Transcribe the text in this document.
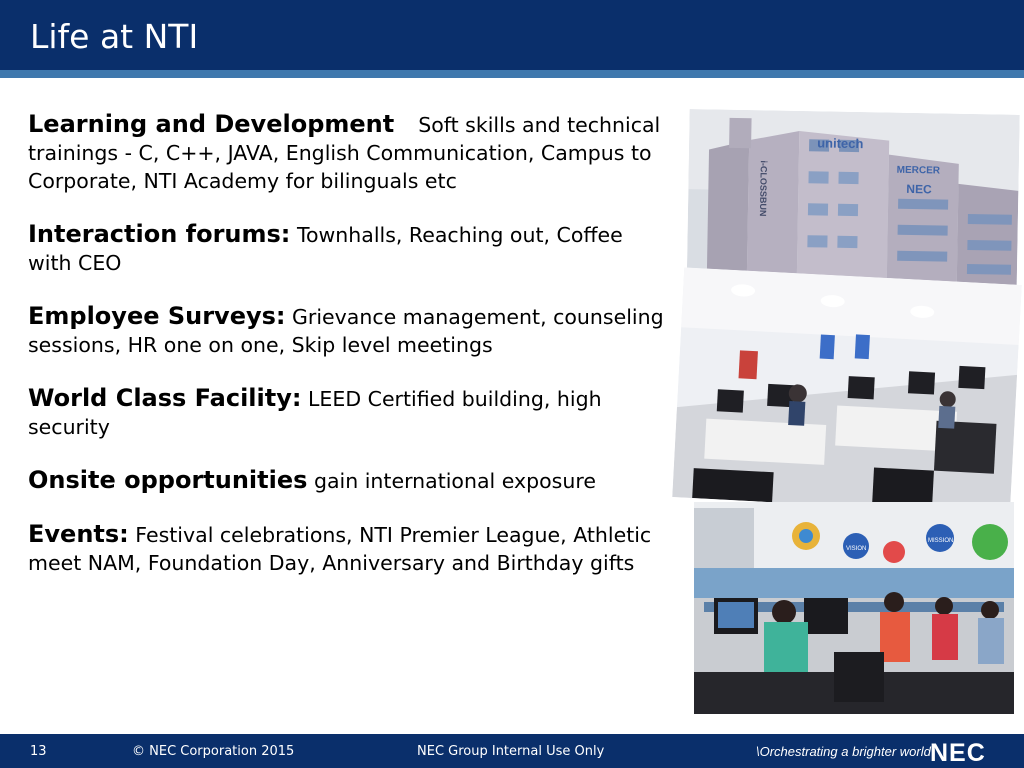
Life at NTI
Learning and Development Soft skills and technical trainings - C, C++, JAVA, English Communication, Campus to Corporate, NTI Academy for bilinguals etc
Interaction forums: Townhalls, Reaching out, Coffee with CEO
Employee Surveys: Grievance management, counseling sessions, HR one on one, Skip level meetings
World Class Facility: LEED Certified building, high security
Onsite opportunities gain international exposure
Events: Festival celebrations, NTI Premier League, Athletic meet NAM, Foundation Day, Anniversary and Birthday gifts
unitech
MERCER
NEC
i-CLOSSBUN
VISION
MISSION
13	© NEC Corporation 2015	NEC Group Internal Use Only	\Orchestrating a brighter world NEC
